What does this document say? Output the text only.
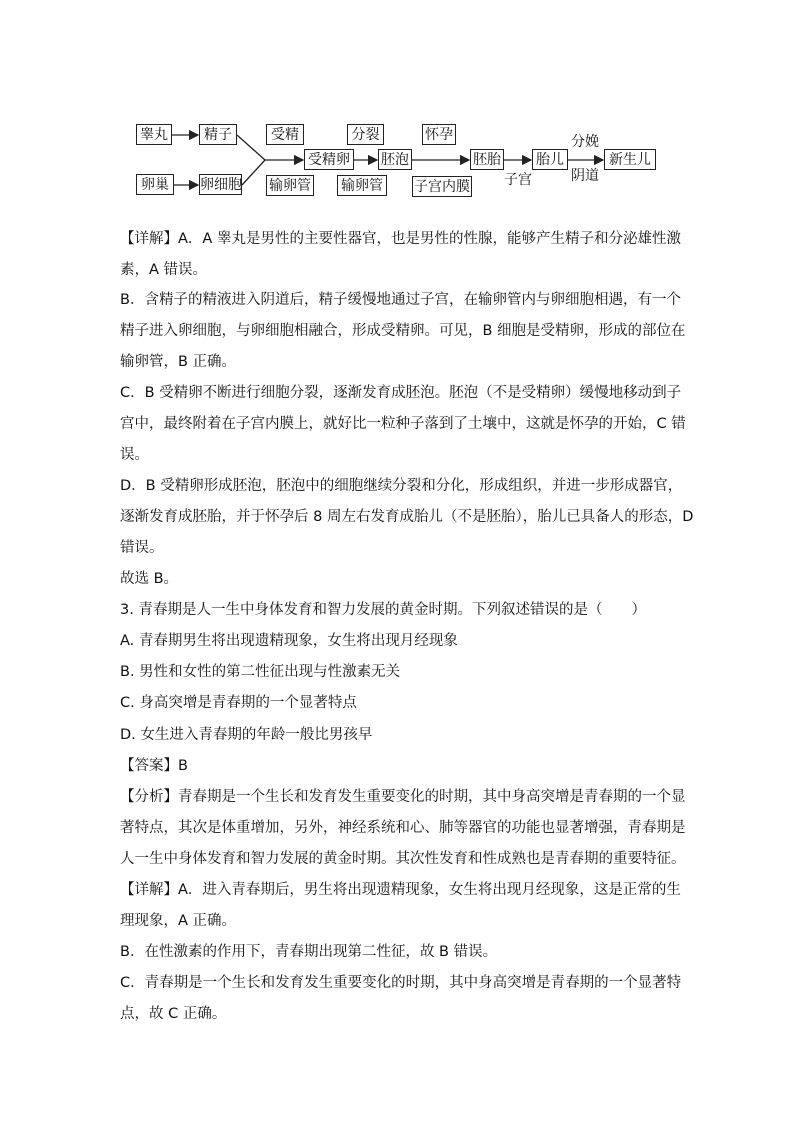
睾丸	精子
卵巢	卵细胞
受精
输卵管
受精卵
分裂
输卵管
胚泡
怀孕
子宫内膜
胚胎	胎儿	新生儿
子宫
分娩
阴道
【详解】A．A 睾丸是男性的主要性器官，也是男性的性腺，能够产生精子和分泌雄性激
素，A 错误。
B．含精子的精液进入阴道后，精子缓慢地通过子宫，在输卵管内与卵细胞相遇，有一个
精子进入卵细胞，与卵细胞相融合，形成受精卵。可见，B 细胞是受精卵，形成的部位在
输卵管，B 正确。
C．B 受精卵不断进行细胞分裂，逐渐发育成胚泡。胚泡（不是受精卵）缓慢地移动到子
宫中，最终附着在子宫内膜上，就好比一粒种子落到了土壤中，这就是怀孕的开始，C 错
误。
D．B 受精卵形成胚泡，胚泡中的细胞继续分裂和分化，形成组织，并进一步形成器官，
逐渐发育成胚胎，并于怀孕后 8 周左右发育成胎儿（不是胚胎），胎儿已具备人的形态，D
错误。
故选 B。
3. 青春期是人一生中身体发育和智力发展的黄金时期。下列叙述错误的是（　　）
A. 青春期男生将出现遗精现象，女生将出现月经现象
B. 男性和女性的第二性征出现与性激素无关
C. 身高突增是青春期的一个显著特点
D. 女生进入青春期的年龄一般比男孩早
【答案】B
【分析】青春期是一个生长和发育发生重要变化的时期，其中身高突增是青春期的一个显
著特点，其次是体重增加，另外，神经系统和心、肺等器官的功能也显著增强，青春期是
人一生中身体发育和智力发展的黄金时期。其次性发育和性成熟也是青春期的重要特征。
【详解】A．进入青春期后，男生将出现遗精现象，女生将出现月经现象，这是正常的生
理现象，A 正确。
B．在性激素的作用下，青春期出现第二性征，故 B 错误。
C．青春期是一个生长和发育发生重要变化的时期，其中身高突增是青春期的一个显著特
点，故 C 正确。
